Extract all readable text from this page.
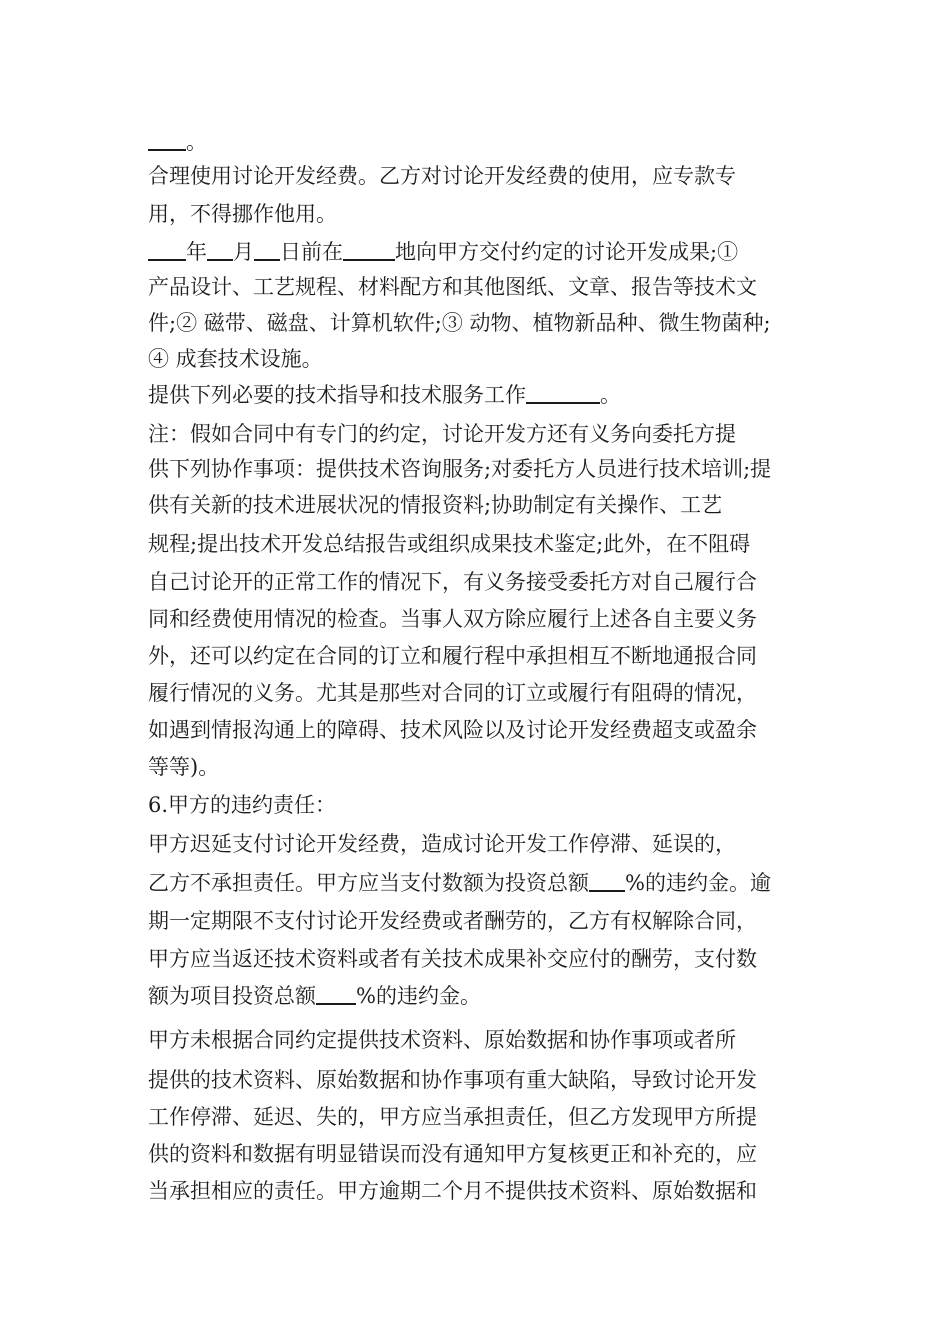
。
合理使用讨论开发经费。乙方对讨论开发经费的使用，应专款专
用，不得挪作他用。
年 月 日前在 地向甲方交付约定的讨论开发成果;①
产品设计、工艺规程、材料配方和其他图纸、文章、报告等技术文
件;② 磁带、磁盘、计算机软件;③ 动物、植物新品种、微生物菌种;
④ 成套技术设施。
提供下列必要的技术指导和技术服务工作	。
注：假如合同中有专门的约定，讨论开发方还有义务向委托方提
供下列协作事项：提供技术咨询服务;对委托方人员进行技术培训;提
供有关新的技术进展状况的情报资料;协助制定有关操作、工艺
规程;提出技术开发总结报告或组织成果技术鉴定;此外，在不阻碍
自己讨论开的正常工作的情况下，有义务接受委托方对自己履行合
同和经费使用情况的检查。当事人双方除应履行上述各自主要义务
外，还可以约定在合同的订立和履行程中承担相互不断地通报合同
履行情况的义务。尤其是那些对合同的订立或履行有阻碍的情况，
如遇到情报沟通上的障碍、技术风险以及讨论开发经费超支或盈余
等等)。
6.甲方的违约责任：
甲方迟延支付讨论开发经费，造成讨论开发工作停滞、延误的，
乙方不承担责任。甲方应当支付数额为投资总额 %的违约金。逾
期一定期限不支付讨论开发经费或者酬劳的，乙方有权解除合同，
甲方应当返还技术资料或者有关技术成果补交应付的酬劳，支付数
额为项目投资总额 %的违约金。
甲方未根据合同约定提供技术资料、原始数据和协作事项或者所
提供的技术资料、原始数据和协作事项有重大缺陷，导致讨论开发
工作停滞、延迟、失的，甲方应当承担责任，但乙方发现甲方所提
供的资料和数据有明显错误而没有通知甲方复核更正和补充的，应
当承担相应的责任。甲方逾期二个月不提供技术资料、原始数据和
